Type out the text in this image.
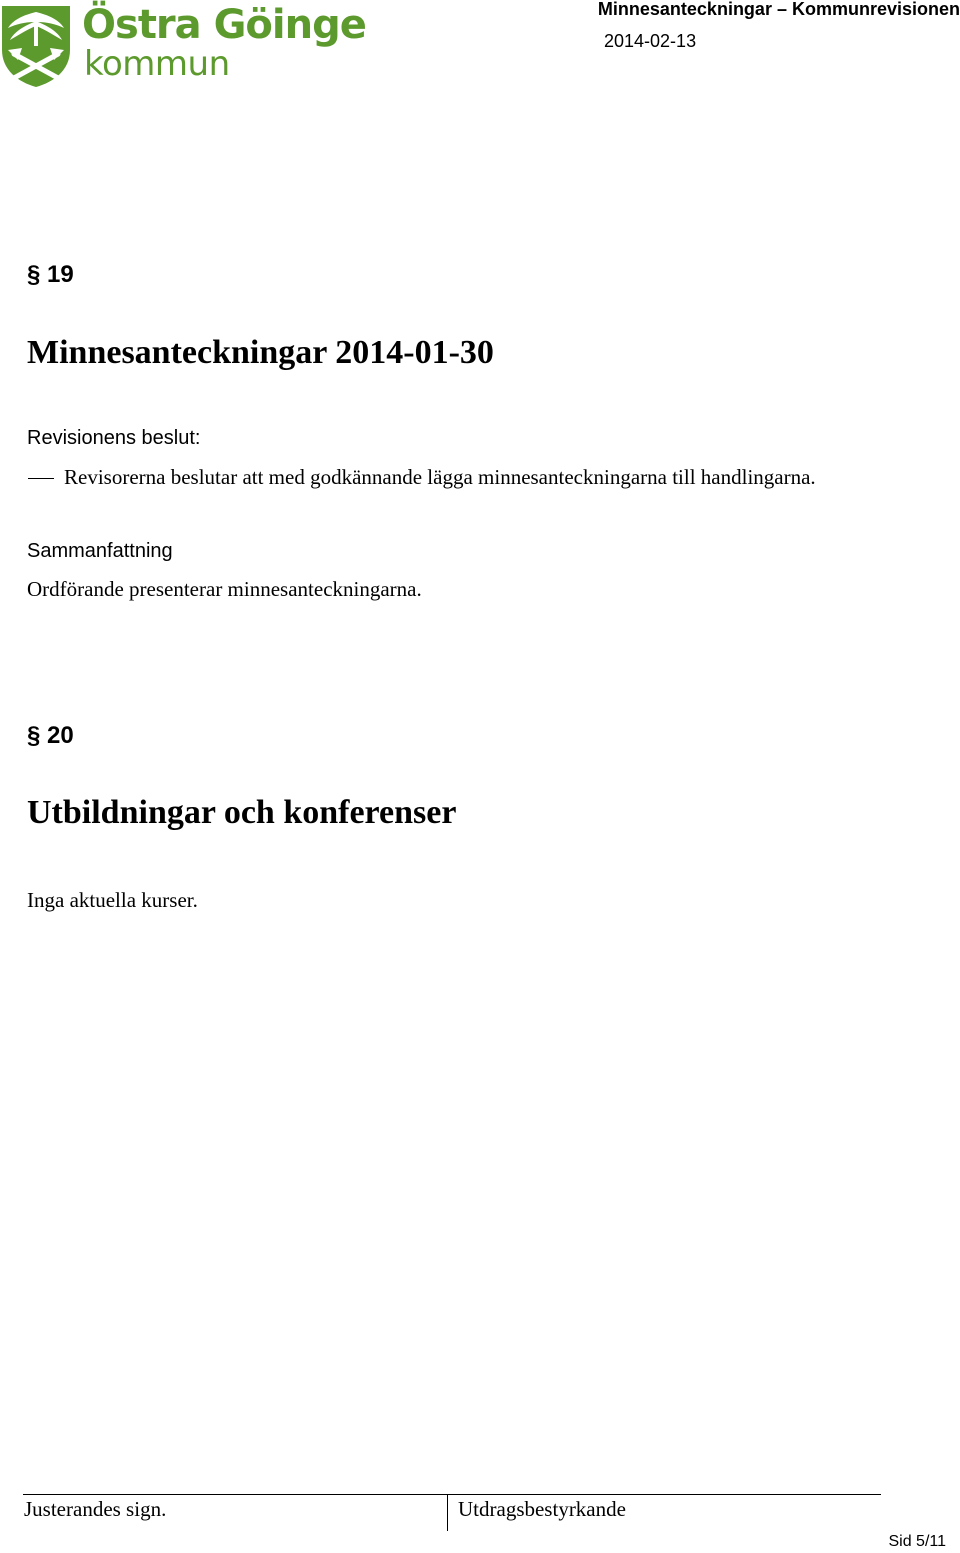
Östra Göinge
kommun
Minnesanteckningar – Kommunrevisionen
2014-02-13
§ 19
Minnesanteckningar 2014-01-30
Revisionens beslut:
Revisorerna beslutar att med godkännande lägga minnesanteckningarna till handlingarna.
Sammanfattning
Ordförande presenterar minnesanteckningarna.
§ 20
Utbildningar och konferenser
Inga aktuella kurser.
Justerandes sign.	Utdragsbestyrkande
Sid 5/11
